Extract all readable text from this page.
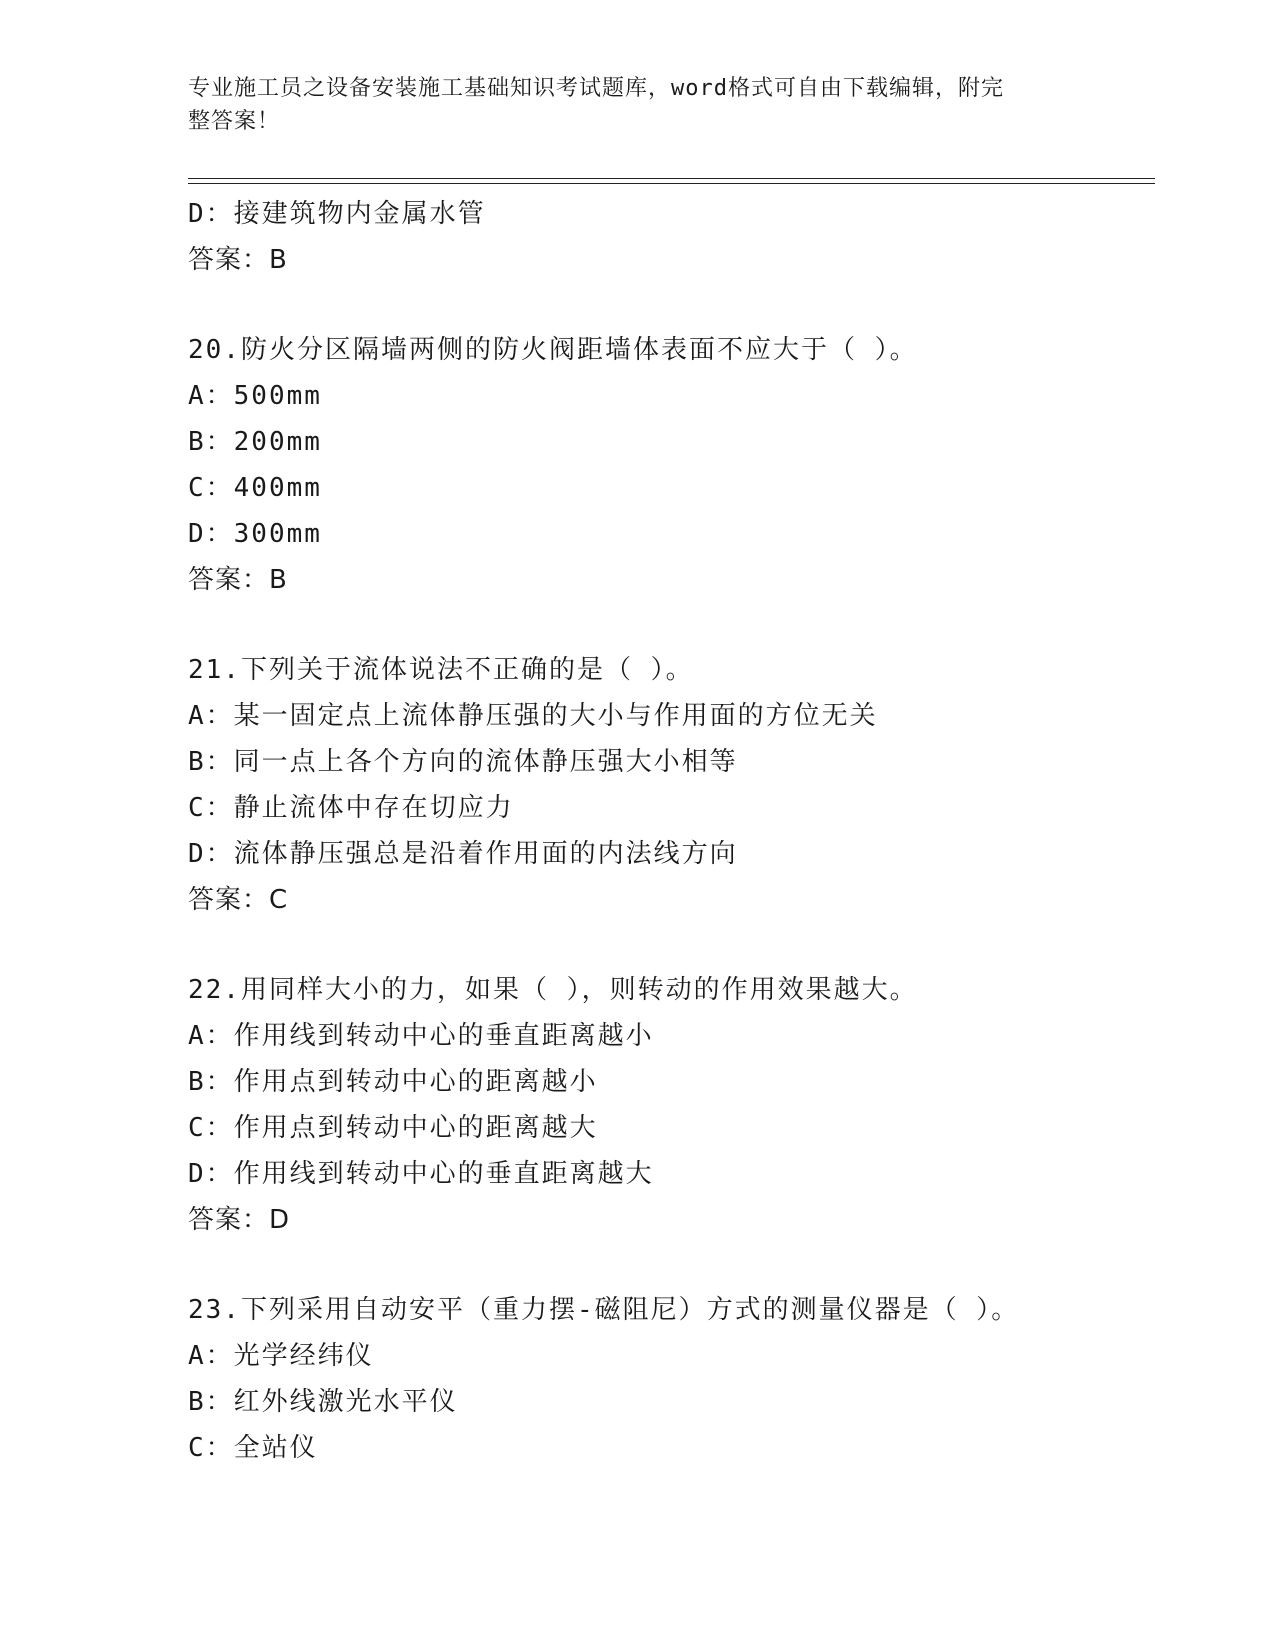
专业施工员之设备安装施工基础知识考试题库，word格式可自由下载编辑，附完
整答案！
D：接建筑物内金属水管
答案：B
20.防火分区隔墙两侧的防火阀距墙体表面不应大于（ ）。
A：500mm
B：200mm
C：400mm
D：300mm
答案：B
21.下列关于流体说法不正确的是（ ）。
A：某一固定点上流体静压强的大小与作用面的方位无关
B：同一点上各个方向的流体静压强大小相等
C：静止流体中存在切应力
D：流体静压强总是沿着作用面的内法线方向
答案：C
22.用同样大小的力，如果（ ），则转动的作用效果越大。
A：作用线到转动中心的垂直距离越小
B：作用点到转动中心的距离越小
C：作用点到转动中心的距离越大
D：作用线到转动中心的垂直距离越大
答案：D
23.下列采用自动安平（重力摆-磁阻尼）方式的测量仪器是（ ）。
A：光学经纬仪
B：红外线激光水平仪
C：全站仪
